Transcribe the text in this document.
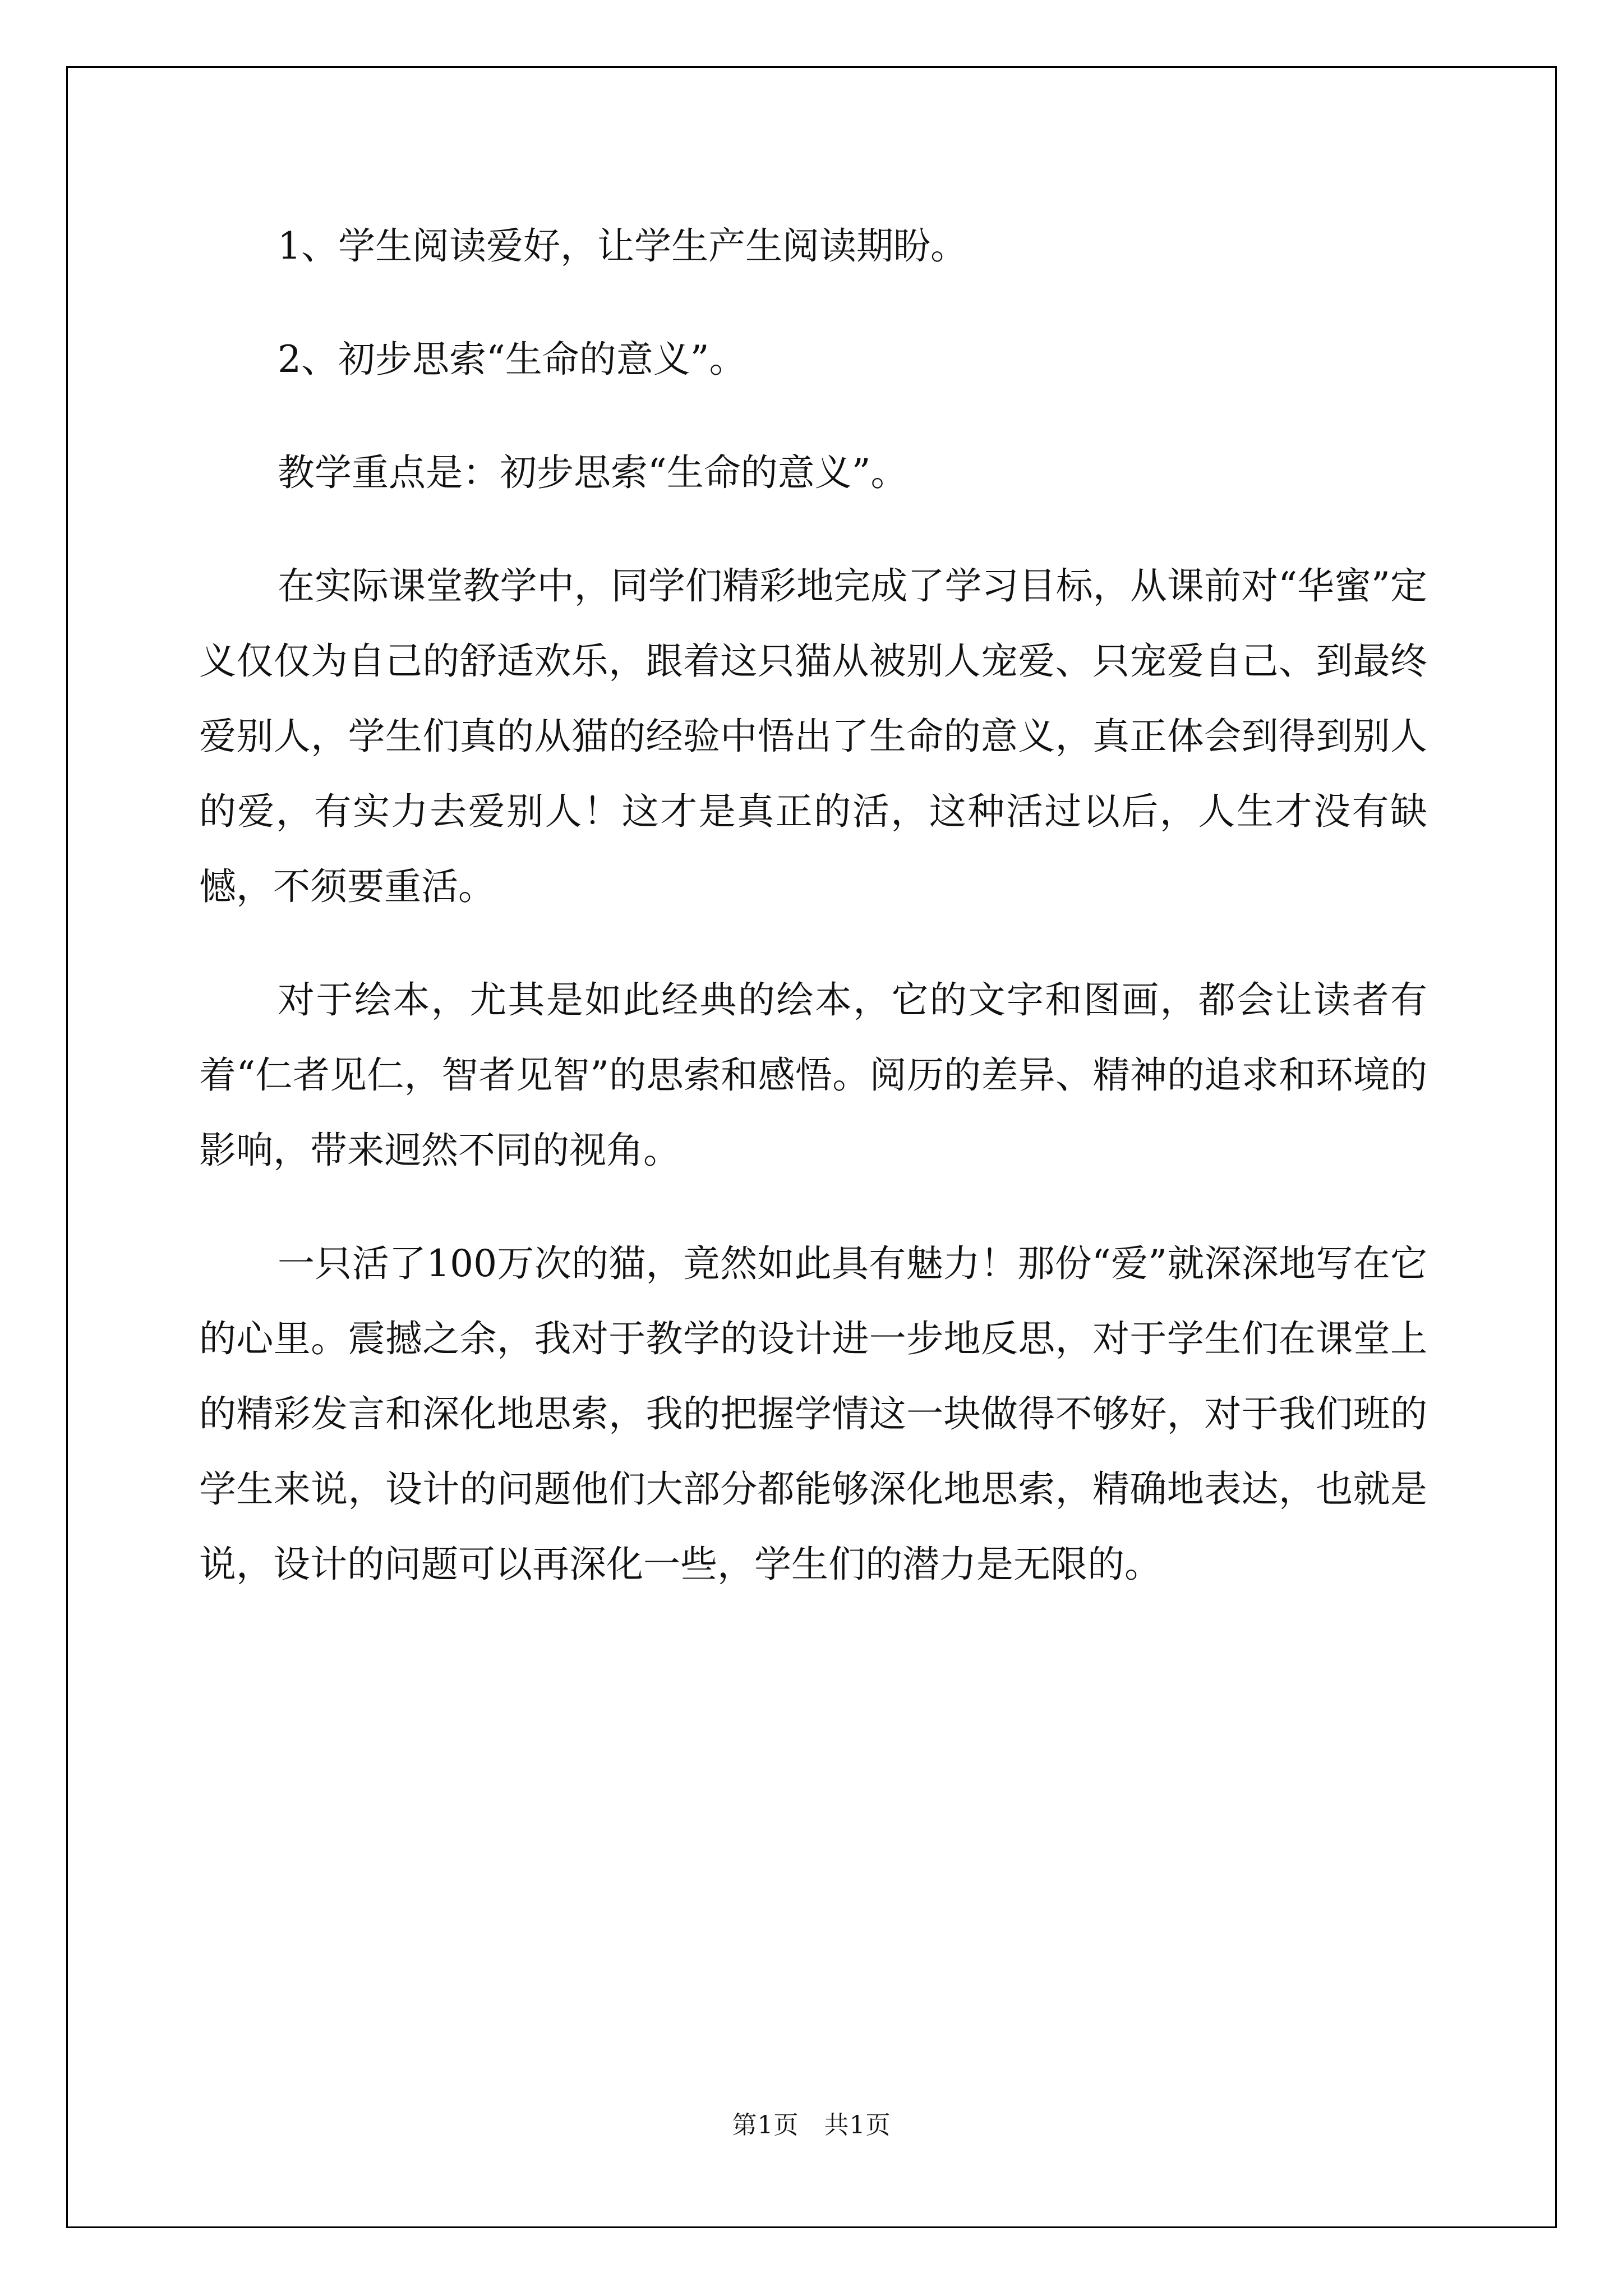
1、学生阅读爱好，让学生产生阅读期盼。

2、初步思索“生命的意义”。

教学重点是：初步思索“生命的意义”。

在实际课堂教学中，同学们精彩地完成了学习目标，从课前对“华蜜”定义仅仅为自己的舒适欢乐，跟着这只猫从被别人宠爱、只宠爱自己、到最终爱别人，学生们真的从猫的经验中悟出了生命的意义，真正体会到得到别人的爱，有实力去爱别人！这才是真正的活，这种活过以后，人生才没有缺憾，不须要重活。

对于绘本，尤其是如此经典的绘本，它的文字和图画，都会让读者有着“仁者见仁，智者见智”的思索和感悟。阅历的差异、精神的追求和环境的影响，带来迥然不同的视角。

一只活了100万次的猫，竟然如此具有魅力！那份“爱”就深深地写在它的心里。震撼之余，我对于教学的设计进一步地反思，对于学生们在课堂上的精彩发言和深化地思索，我的把握学情这一块做得不够好，对于我们班的学生来说，设计的问题他们大部分都能够深化地思索，精确地表达，也就是说，设计的问题可以再深化一些，学生们的潜力是无限的。

第1页　共1页
